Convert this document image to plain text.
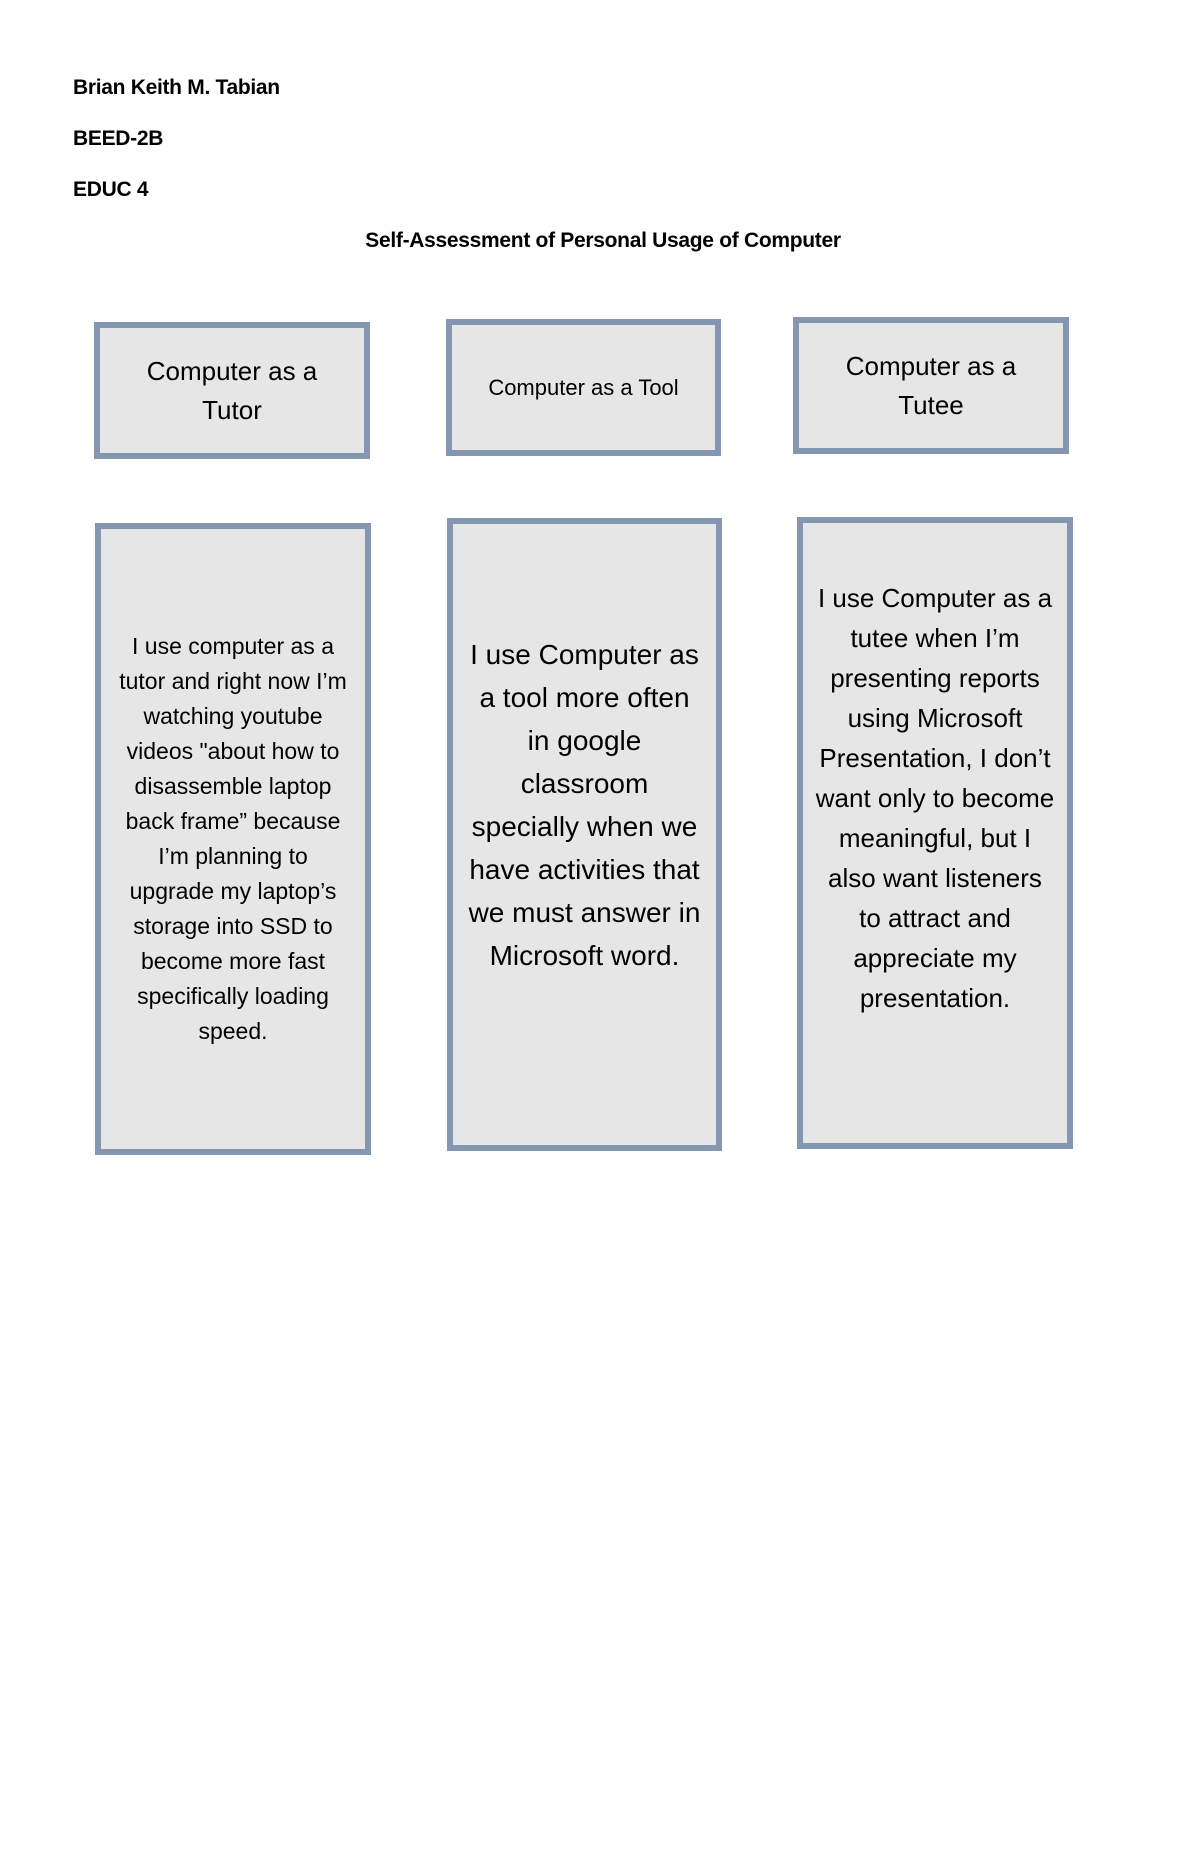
Brian Keith M. Tabian
BEED-2B
EDUC 4
Self-Assessment of Personal Usage of Computer
Computer as a Tutor
Computer as a Tool
Computer as a Tutee
I use computer as a tutor and right now I’m watching youtube videos "about how to disassemble laptop back frame” because I’m planning to upgrade my laptop’s storage into SSD to become more fast specifically loading speed.
I use Computer as a tool more often in google classroom specially when we have activities that we must answer in Microsoft word.
I use Computer as a tutee when I’m presenting reports using Microsoft Presentation, I don’t want only to become meaningful, but I also want listeners to attract and appreciate my presentation.
